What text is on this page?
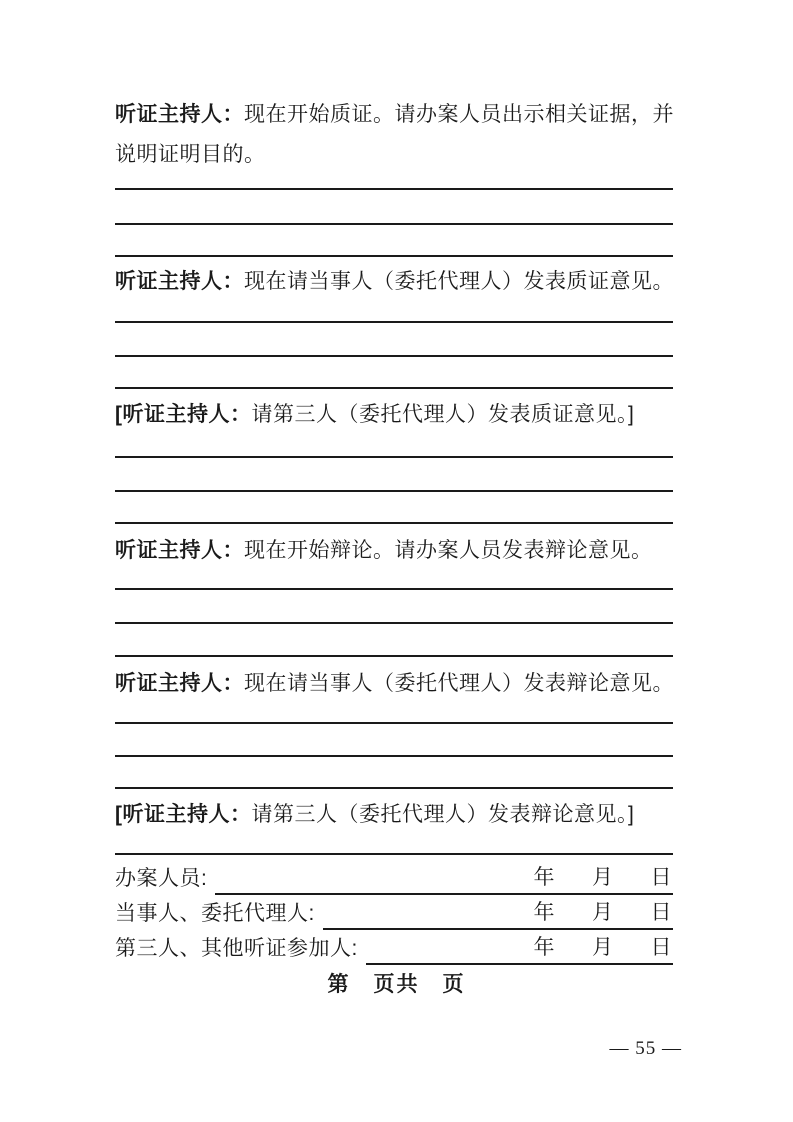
听证主持人：现在开始质证。请办案人员出示相关证据，并
说明证明目的。
听证主持人：现在请当事人（委托代理人）发表质证意见。
[听证主持人：请第三人（委托代理人）发表质证意见。]
听证主持人：现在开始辩论。请办案人员发表辩论意见。
听证主持人：现在请当事人（委托代理人）发表辩论意见。
[听证主持人：请第三人（委托代理人）发表辩论意见。]
办案人员:	年 月 日
当事人、委托代理人:	年 月 日
第三人、其他听证参加人:	年 月 日
第　页共　页
— 55 —
